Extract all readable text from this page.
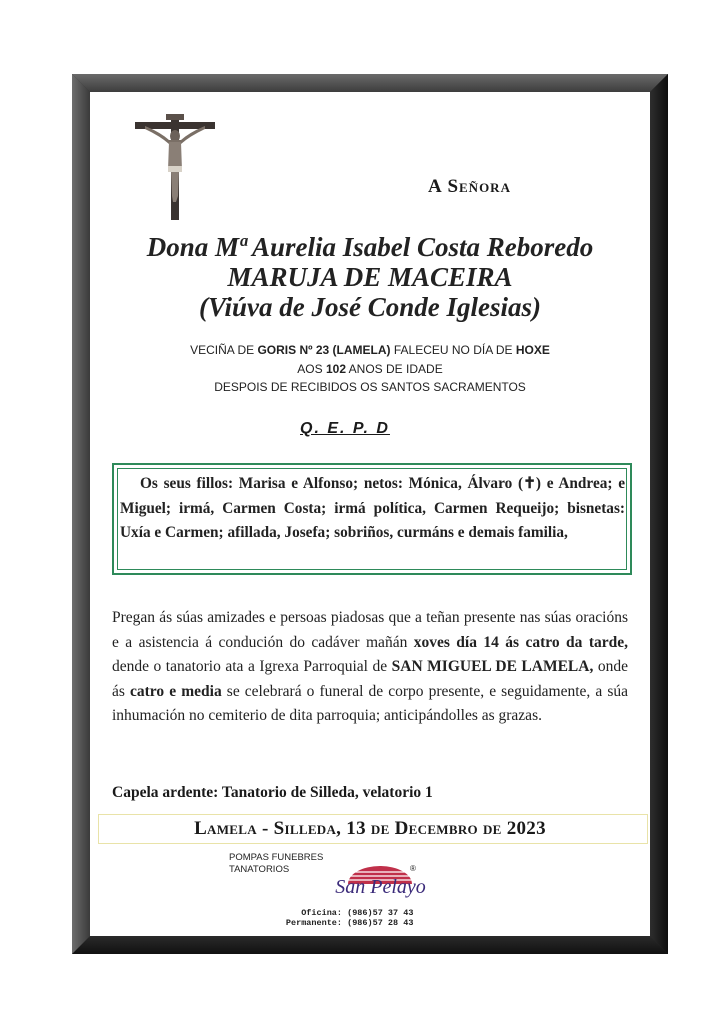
A Señora
Dona Mª Aurelia Isabel Costa Reboredo
MARUJA DE MACEIRA
(Viúva de José Conde Iglesias)
VECIÑA DE GORIS Nº 23 (LAMELA) FALECEU NO DÍA DE HOXE
AOS 102 ANOS DE IDADE
DESPOIS DE RECIBIDOS OS SANTOS SACRAMENTOS
Q. E. P. D
Os seus fillos: Marisa e Alfonso; netos: Mónica, Álvaro (✝) e Andrea; e Miguel; irmá, Carmen Costa; irmá política, Carmen Requeijo; bisnetas: Uxía e Carmen; afillada, Josefa; sobriños, curmáns e demais familia,
Pregan ás súas amizades e persoas piadosas que a teñan presente nas súas oracións e a asistencia á condución do cadáver mañán xoves día 14 ás catro da tarde, dende o tanatorio ata a Igrexa Parroquial de SAN MIGUEL DE LAMELA, onde ás catro e media se celebrará o funeral de corpo presente, e seguidamente, a súa inhumación no cemiterio de dita parroquia; anticipándolles as grazas.
Capela ardente: Tanatorio de Silleda, velatorio 1
Lamela - Silleda, 13 de Decembro de 2023
POMPAS FUNEBRES
TANATORIOS
San Pelayo
®
Oficina: (986)57 37 43
Permanente: (986)57 28 43
